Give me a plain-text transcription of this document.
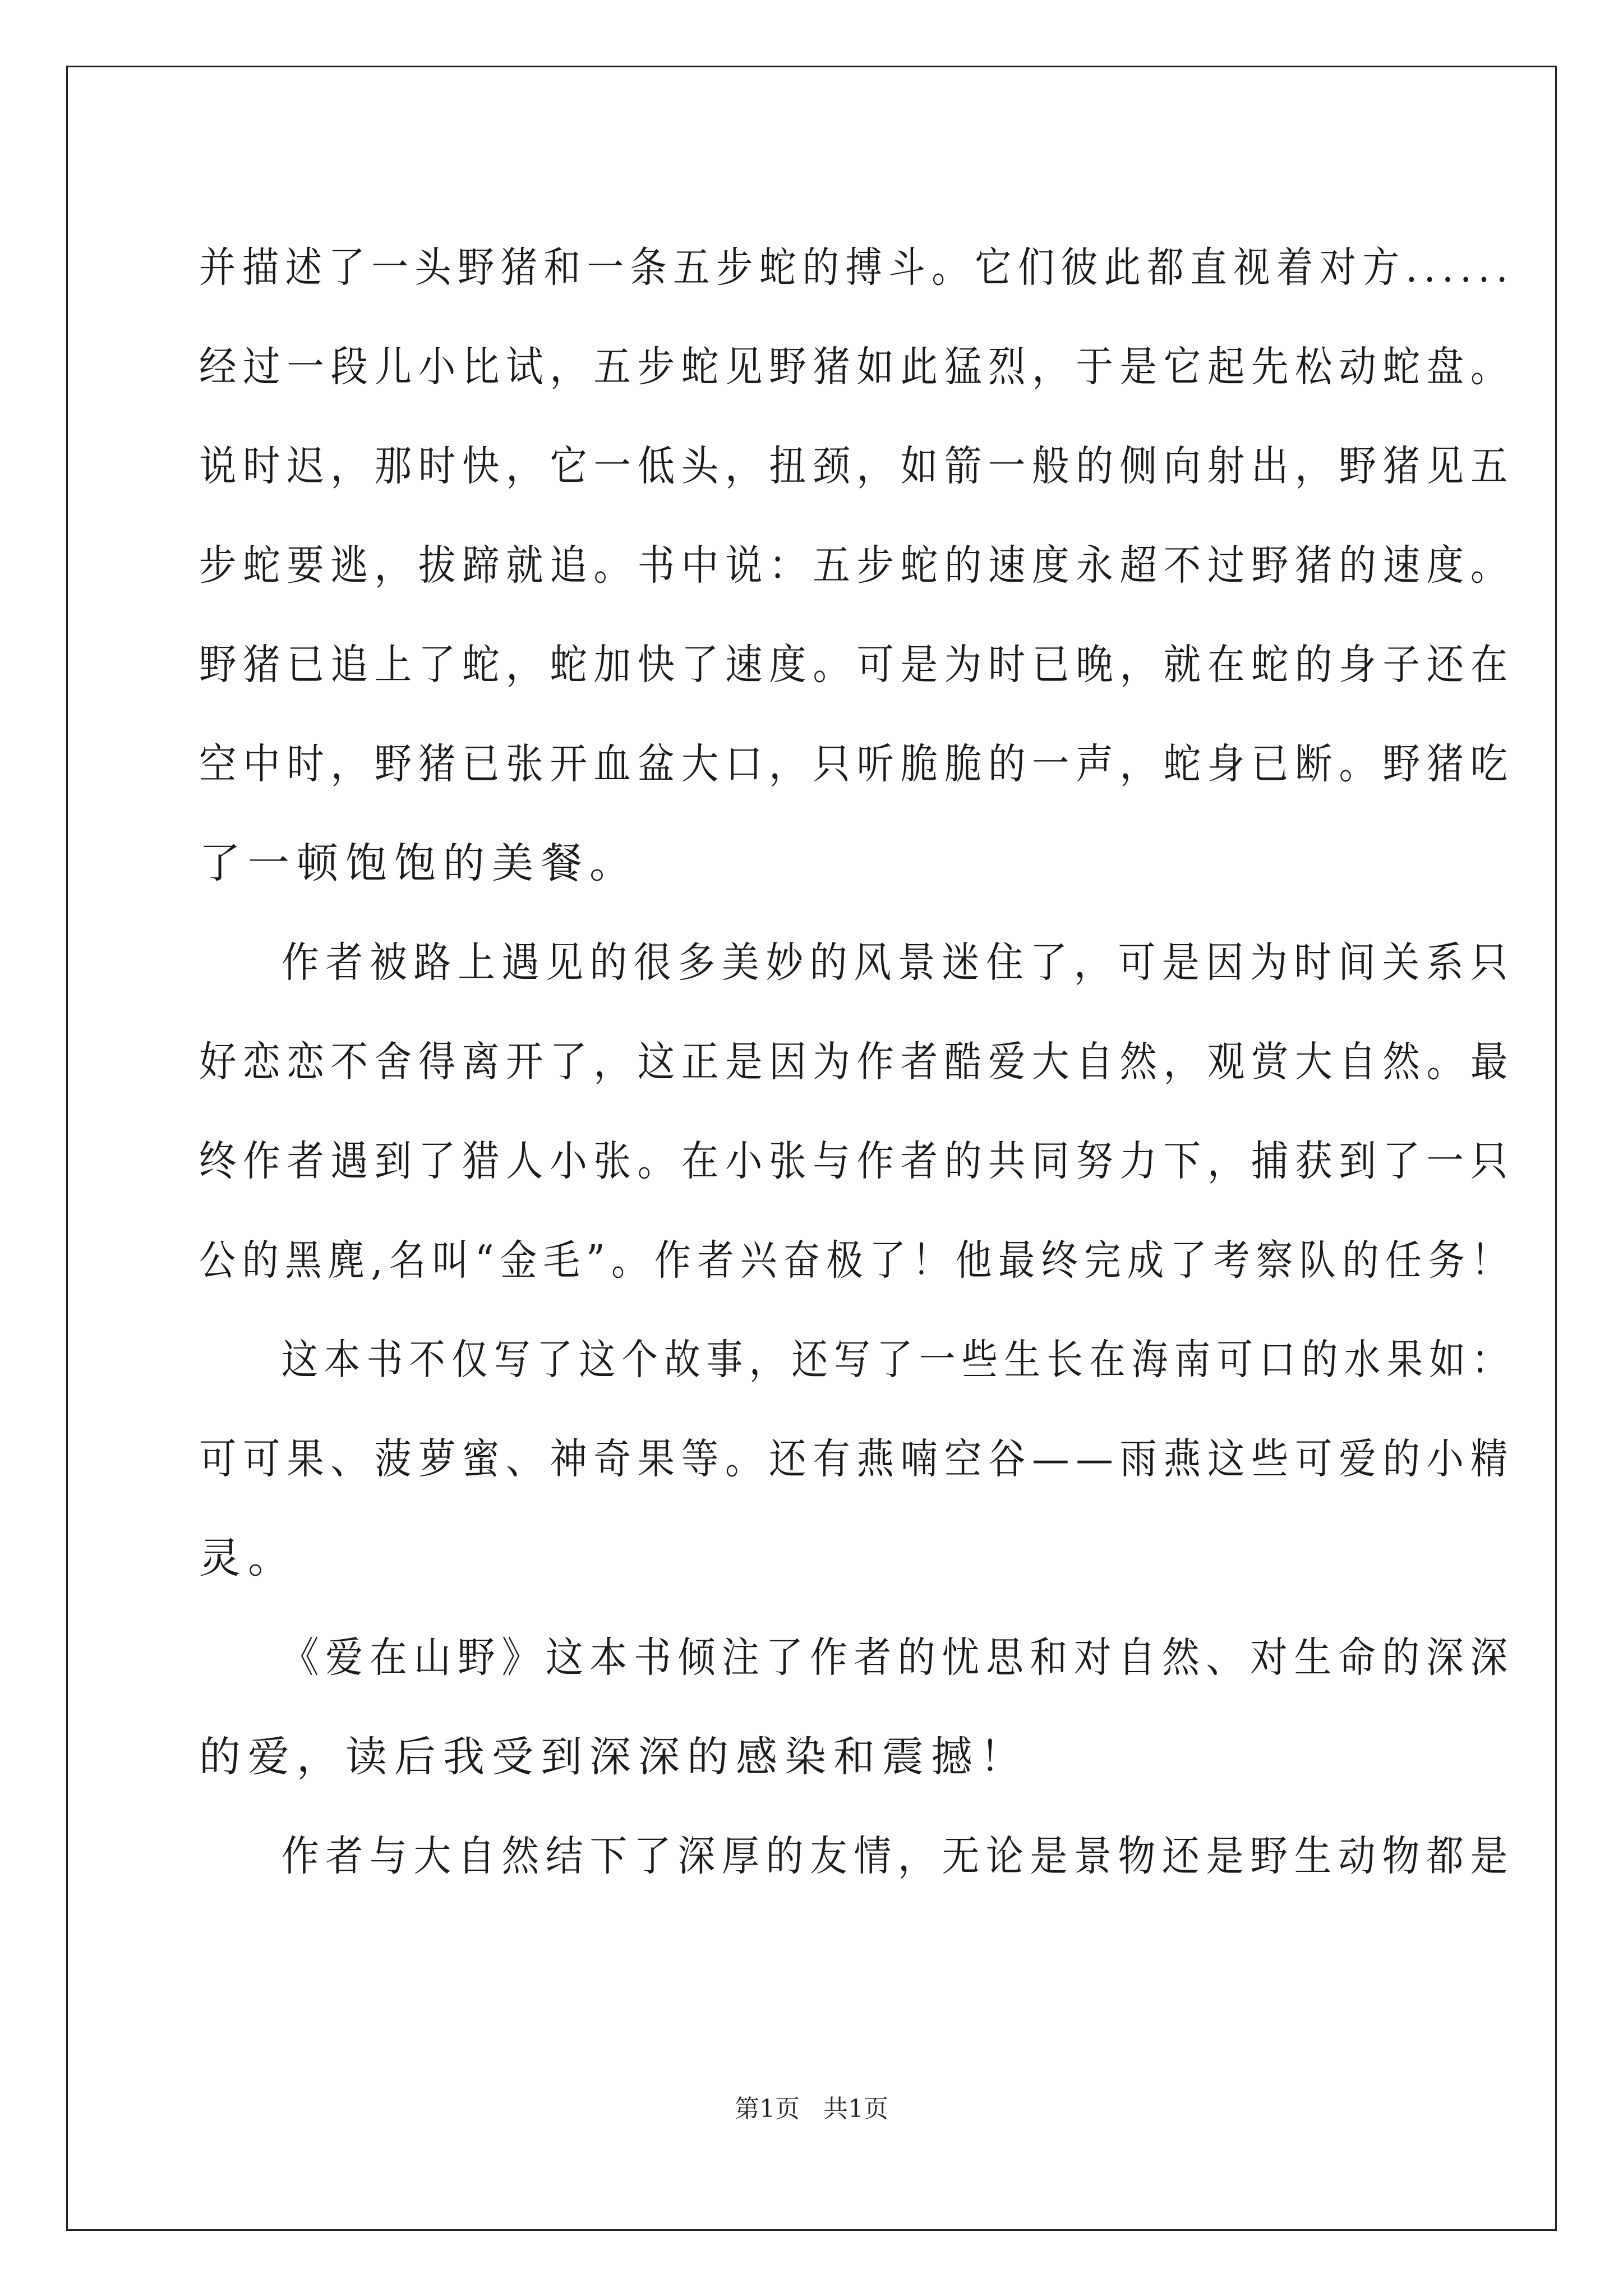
并描述了一头野猪和一条五步蛇的搏斗。它们彼此都直视着对方......
经过一段儿小比试，五步蛇见野猪如此猛烈，于是它起先松动蛇盘。
说时迟，那时快，它一低头，扭颈，如箭一般的侧向射出，野猪见五
步蛇要逃，拔蹄就追。书中说：五步蛇的速度永超不过野猪的速度。
野猪已追上了蛇，蛇加快了速度。可是为时已晚，就在蛇的身子还在
空中时，野猪已张开血盆大口，只听脆脆的一声，蛇身已断。野猪吃
了一顿饱饱的美餐。
作者被路上遇见的很多美妙的风景迷住了，可是因为时间关系只
好恋恋不舍得离开了，这正是因为作者酷爱大自然，观赏大自然。最
终作者遇到了猎人小张。在小张与作者的共同努力下，捕获到了一只
公的黑麂,名叫“金毛”。作者兴奋极了！他最终完成了考察队的任务！
这本书不仅写了这个故事，还写了一些生长在海南可口的水果如：
可可果、菠萝蜜、神奇果等。还有燕喃空谷——雨燕这些可爱的小精
灵。
《爱在山野》这本书倾注了作者的忧思和对自然、对生命的深深
的爱，读后我受到深深的感染和震撼！
作者与大自然结下了深厚的友情，无论是景物还是野生动物都是
第1页   共1页
